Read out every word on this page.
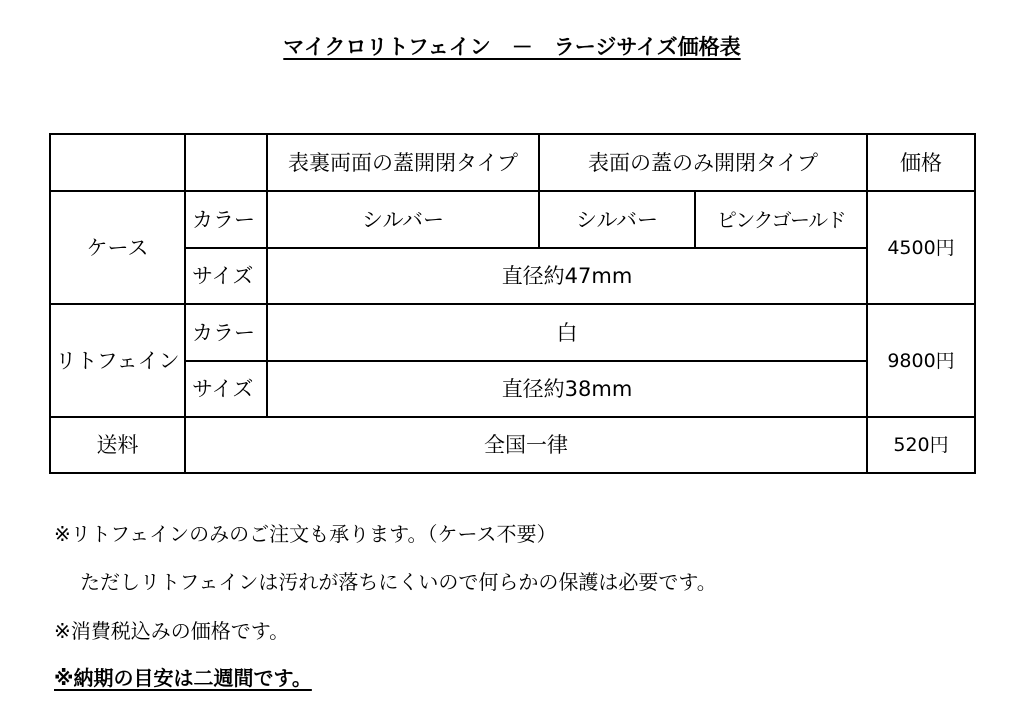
マイクロリトフェイン　－　ラージサイズ価格表
		表裏両面の蓋開閉タイプ	表面の蓋のみ開閉タイプ		価格
ケース	カラー	シルバー	シルバー	ピンクゴールド	4500円
	サイズ	直径約47mm			
リトフェイン	カラー	白			9800円
	サイズ	直径約38mm			
送料	全国一律				520円
※リトフェインのみのご注文も承ります。（ケース不要）
ただしリトフェインは汚れが落ちにくいので何らかの保護は必要です。
※消費税込みの価格です。
※納期の目安は二週間です。
